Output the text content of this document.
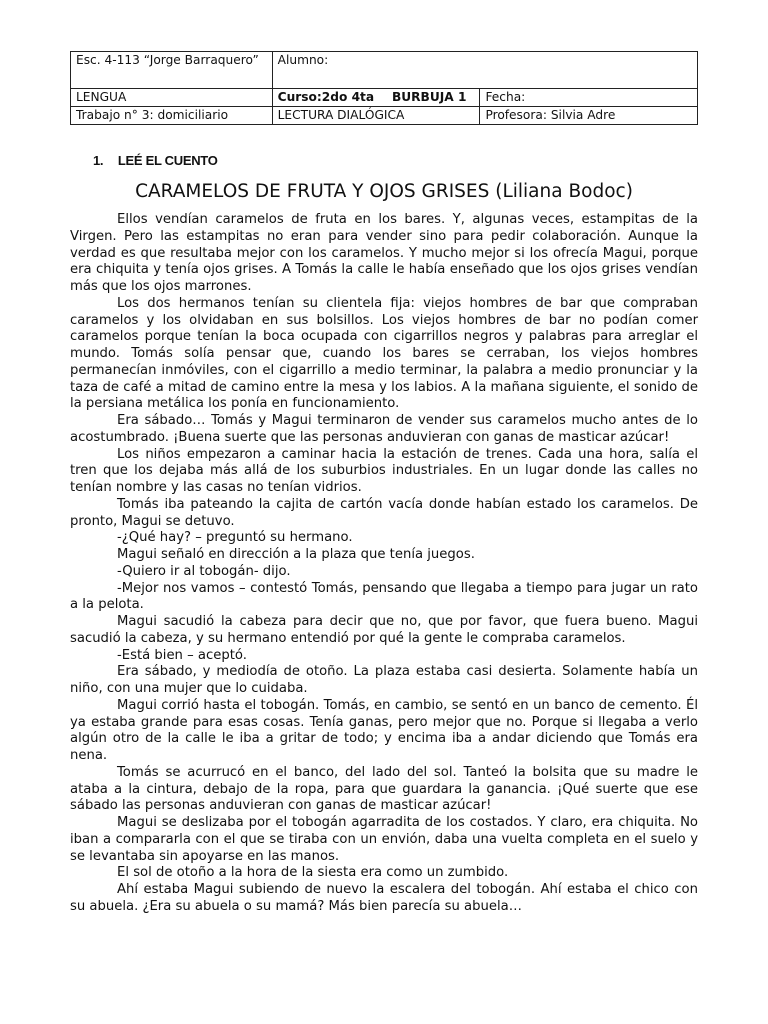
Esc. 4-113 “Jorge Barraquero”	Alumno:	
LENGUA	Curso:2do 4ta BURBUJA 1	Fecha:
Trabajo n° 3: domiciliario	LECTURA DIALÓGICA	Profesora: Silvia Adre
1. LEÉ EL CUENTO
CARAMELOS DE FRUTA Y OJOS GRISES (Liliana Bodoc)

Ellos vendían caramelos de fruta en los bares. Y, algunas veces, estampitas de la Virgen. Pero las estampitas no eran para vender sino para pedir colaboración. Aunque la verdad es que resultaba mejor con los caramelos. Y mucho mejor si los ofrecía Magui, porque era chiquita y tenía ojos grises. A Tomás la calle le había enseñado que los ojos grises vendían más que los ojos marrones.

Los dos hermanos tenían su clientela fija: viejos hombres de bar que compraban caramelos y los olvidaban en sus bolsillos. Los viejos hombres de bar no podían comer caramelos porque tenían la boca ocupada con cigarrillos negros y palabras para arreglar el mundo. Tomás solía pensar que, cuando los bares se cerraban, los viejos hombres permanecían inmóviles, con el cigarrillo a medio terminar, la palabra a medio pronunciar y la taza de café a mitad de camino entre la mesa y los labios. A la mañana siguiente, el sonido de la persiana metálica los ponía en funcionamiento.

Era sábado… Tomás y Magui terminaron de vender sus caramelos mucho antes de lo acostumbrado. ¡Buena suerte que las personas anduvieran con ganas de masticar azúcar!

Los niños empezaron a caminar hacia la estación de trenes. Cada una hora, salía el tren que los dejaba más allá de los suburbios industriales. En un lugar donde las calles no tenían nombre y las casas no tenían vidrios.

Tomás iba pateando la cajita de cartón vacía donde habían estado los caramelos. De pronto, Magui se detuvo.

-¿Qué hay? – preguntó su hermano.

Magui señaló en dirección a la plaza que tenía juegos.

-Quiero ir al tobogán- dijo.

-Mejor nos vamos – contestó Tomás, pensando que llegaba a tiempo para jugar un rato a la pelota.

Magui sacudió la cabeza para decir que no, que por favor, que fuera bueno. Magui sacudió la cabeza, y su hermano entendió por qué la gente le compraba caramelos.

-Está bien – aceptó.

Era sábado, y mediodía de otoño. La plaza estaba casi desierta. Solamente había un niño, con una mujer que lo cuidaba.

Magui corrió hasta el tobogán. Tomás, en cambio, se sentó en un banco de cemento. Él ya estaba grande para esas cosas. Tenía ganas, pero mejor que no. Porque si llegaba a verlo algún otro de la calle le iba a gritar de todo; y encima iba a andar diciendo que Tomás era nena.

Tomás se acurrucó en el banco, del lado del sol. Tanteó la bolsita que su madre le ataba a la cintura, debajo de la ropa, para que guardara la ganancia. ¡Qué suerte que ese sábado las personas anduvieran con ganas de masticar azúcar!

Magui se deslizaba por el tobogán agarradita de los costados. Y claro, era chiquita. No iban a compararla con el que se tiraba con un envión, daba una vuelta completa en el suelo y se levantaba sin apoyarse en las manos.

El sol de otoño a la hora de la siesta era como un zumbido.

Ahí estaba Magui subiendo de nuevo la escalera del tobogán. Ahí estaba el chico con su abuela. ¿Era su abuela o su mamá? Más bien parecía su abuela…
